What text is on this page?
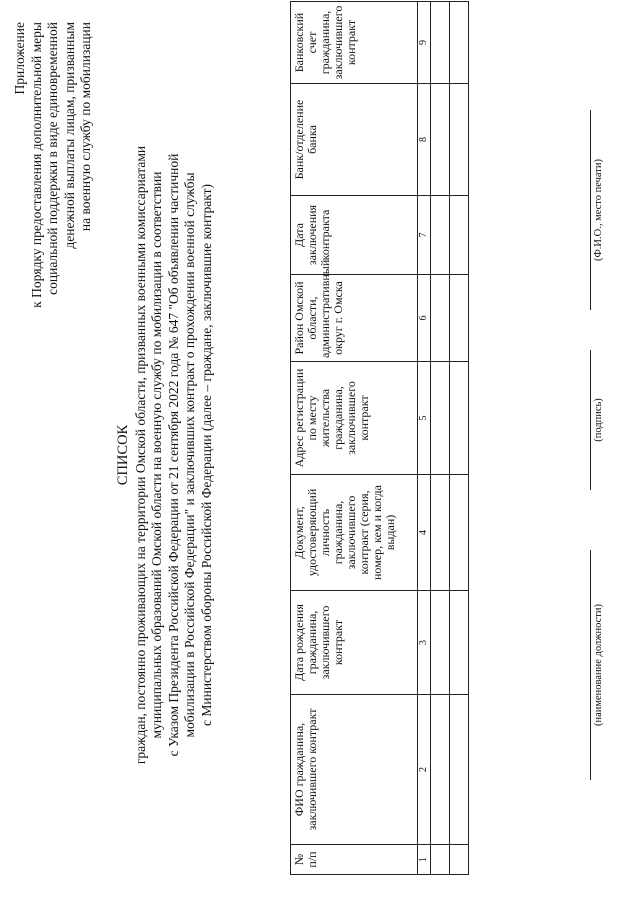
Приложение к Порядку предоставления дополнительной меры социальной поддержки в виде единовременной денежной выплаты лицам, призванным на военную службу по мобилизации
СПИСОК граждан, постоянно проживающих на территории Омской области, призванных военными комиссариатами муниципальных образований Омской области на военную службу по мобилизации в соответствии с Указом Президента Российской Федерации от 21 сентября 2022 года № 647 "Об объявлении частичной мобилизации в Российской Федерации" и заключивших контракт о прохождении военной службы с Министерством обороны Российской Федерации (далее – граждане, заключившие контракт)
№ п/п	ФИО гражданина, заключившего контракт	Дата рождения гражданина, заключившего контракт	Документ, удостоверяющий личность гражданина, заключившего контракт (серия, номер, кем и когда выдан)	Адрес регистрации по месту жительства гражданина, заключившего контракт	Район Омской области, административный округ г. Омска	Дата заключения контракта	Банк/отделение банка	Банковский счет гражданина, заключившего контракт
1	2	3	4	5	6	7	8	9

(наименование должности)
(подпись)
(Ф.И.О., место печати)
